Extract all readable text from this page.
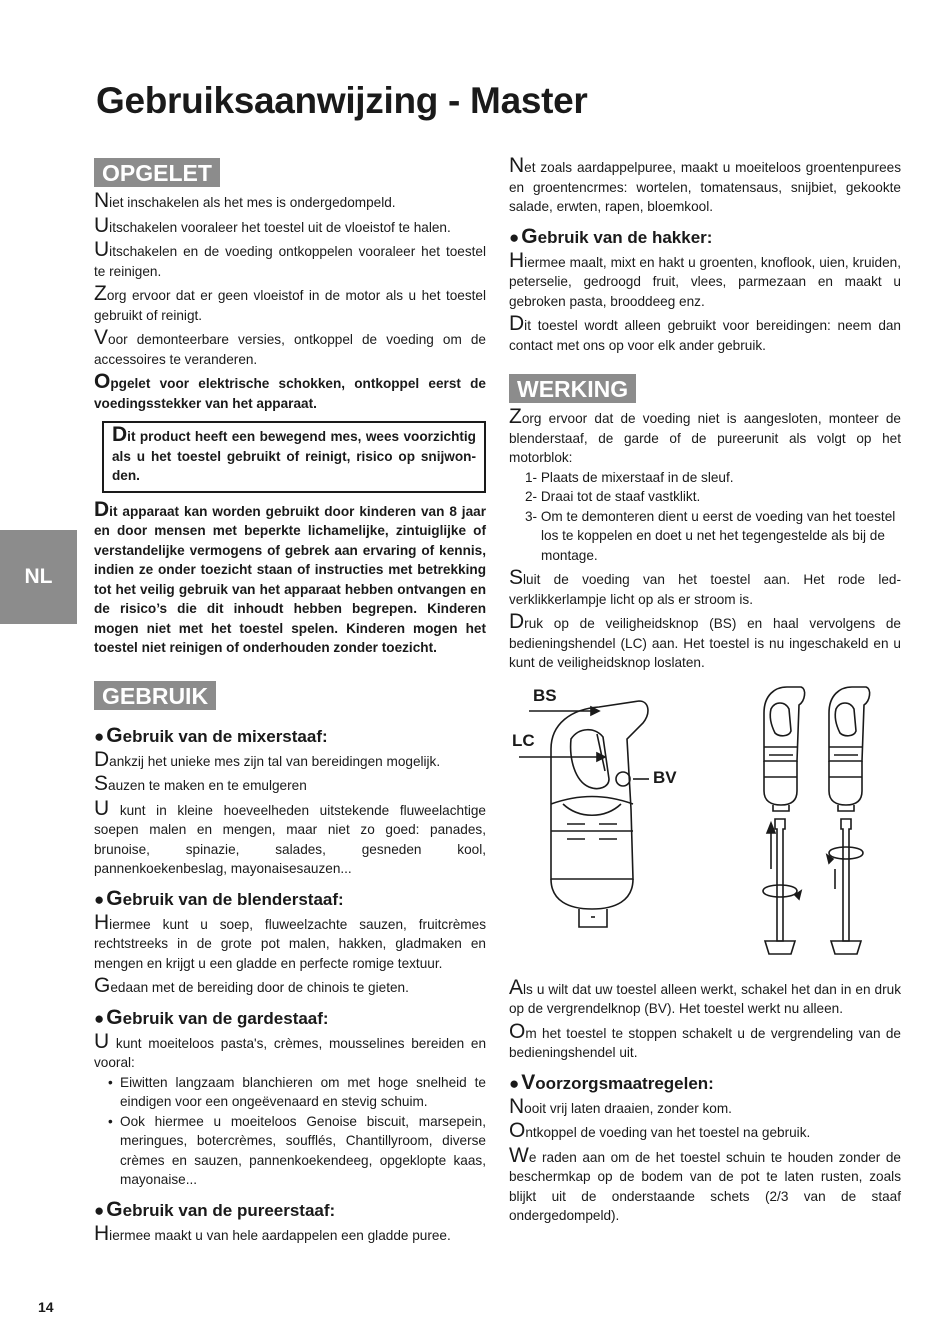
Gebruiksaanwijzing - Master
NL
OPGELET

Niet inschakelen als het mes is ondergedompeld.

Uitschakelen vooraleer het toestel uit de vloeistof te halen.

Uitschakelen en de voeding ontkoppelen vooraleer het toestel te reinigen.

Zorg ervoor dat er geen vloeistof in de motor als u het toestel gebruikt of reinigt.

Voor demonteerbare versies, ontkoppel de voeding om de accessoires te veranderen.

Opgelet voor elektrische schokken, ontkoppel eerst de voedingsstekker van het apparaat.

Dit product heeft een bewegend mes, wees voorzichtig als u het toestel gebruikt of reinigt, risico op snijwonden.

Dit apparaat kan worden gebruikt door kinderen van 8 jaar en door mensen met beperkte lichamelijke, zintuiglijke of verstandelijke vermogens of gebrek aan ervaring of kennis, indien ze onder toezicht staan of instructies met betrekking tot het veilig gebruik van het apparaat hebben ontvangen en de risico’s die dit inhoudt hebben begrepen. Kinderen mogen niet met het toestel spelen. Kinderen mogen het toestel niet reinigen of onderhouden zonder toezicht.

GEBRUIK
●Gebruik van de mixerstaaf:

Dankzij het unieke mes zijn tal van bereidingen mogelijk.

Sauzen te maken en te emulgeren

U kunt in kleine hoeveelheden uitstekende fluweelachtige soepen malen en mengen, maar niet zo goed: panades, brunoise, spinazie, salades, gesneden kool, pannenkoekenbeslag, mayonaisesauzen...

●Gebruik van de blenderstaaf:

Hiermee kunt u soep, fluweelzachte sauzen, fruitcrèmes rechtstreeks in de grote pot malen, hakken, gladmaken en mengen en krijgt u een gladde en perfecte romige textuur.

Gedaan met de bereiding door de chinois te gieten.

●Gebruik van de gardestaaf:

U kunt moeiteloos pasta's, crèmes, mousselines bereiden en vooral:

• Eiwitten langzaam blanchieren om met hoge snelheid te eindigen voor een ongeëvenaard en stevig schuim.
• Ook hiermee u moeiteloos Genoise biscuit, marsepein, meringues, botercrèmes, soufflés, Chantillyroom, diverse crèmes en sauzen, pannenkoekendeeg, opgeklopte kaas, mayonaise...
●Gebruik van de pureerstaaf:

Hiermee maakt u van hele aardappelen een gladde puree.

Net zoals aardappelpuree, maakt u moeiteloos groentenpurees en groentencrmes: wortelen, tomatensaus, snijbiet, gekookte salade, erwten, rapen, bloemkool.

●Gebruik van de hakker:

Hiermee maalt, mixt en hakt u groenten, knoflook, uien, kruiden, peterselie, gedroogd fruit, vlees, parmezaan en maakt u gebroken pasta, brooddeeg enz.

Dit toestel wordt alleen gebruikt voor bereidingen: neem dan contact met ons op voor elk ander gebruik.

WERKING

Zorg ervoor dat de voeding niet is aangesloten, monteer de blenderstaaf, de garde of de pureerunit als volgt op het motorblok:

1- Plaats de mixerstaaf in de sleuf.
2- Draai tot de staaf vastklikt.
3- Om te demonteren dient u eerst de voeding van het toestel los te koppelen en doet u net het tegengestelde als bij de montage.

Sluit de voeding van het toestel aan. Het rode led-verklikkerlampje licht op als er stroom is.

Druk op de veiligheidsknop (BS) en haal vervolgens de bedieningshendel (LC) aan. Het toestel is nu ingeschakeld en u kunt de veiligheidsknop loslaten.

BS
LC
BV

Als u wilt dat uw toestel alleen werkt, schakel het dan in en druk op de vergrendelknop (BV). Het toestel werkt nu alleen.

Om het toestel te stoppen schakelt u de vergrendeling van de bedieningshendel uit.

●Voorzorgsmaatregelen:

Nooit vrij laten draaien, zonder kom.

Ontkoppel de voeding van het toestel na gebruik.

We raden aan om de het toestel schuin te houden zonder de beschermkap op de bodem van de pot te laten rusten, zoals blijkt uit de onderstaande schets (2/3 van de staaf ondergedompeld).

14
